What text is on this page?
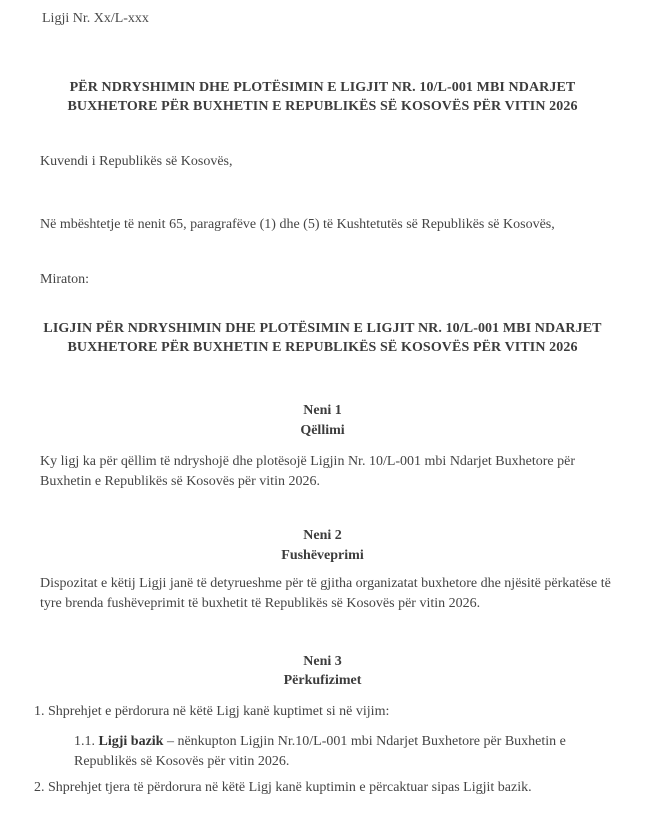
Ligji Nr. Xx/L-xxx
PËR NDRYSHIMIN DHE PLOTËSIMIN E LIGJIT NR. 10/L-001 MBI NDARJET BUXHETORE PËR BUXHETIN E REPUBLIKËS SË KOSOVËS PËR VITIN 2026
Kuvendi i Republikës së Kosovës,
Në mbështetje të nenit 65, paragrafëve (1) dhe (5) të Kushtetutës së Republikës së Kosovës,
Miraton:
LIGJIN PËR NDRYSHIMIN DHE PLOTËSIMIN E LIGJIT NR. 10/L-001 MBI NDARJET BUXHETORE PËR BUXHETIN E REPUBLIKËS SË KOSOVËS PËR VITIN 2026
Neni 1
Qëllimi
Ky ligj ka për qëllim të ndryshojë dhe plotësojë Ligjin Nr. 10/L-001 mbi Ndarjet Buxhetore për Buxhetin e Republikës së Kosovës për vitin 2026.
Neni 2
Fushëveprimi
Dispozitat e këtij Ligji janë të detyrueshme për të gjitha organizatat buxhetore dhe njësitë përkatëse të tyre brenda fushëveprimit të buxhetit të Republikës së Kosovës për vitin 2026.
Neni 3
Përkufizimet
1. Shprehjet e përdorura në këtë Ligj kanë kuptimet si në vijim:
1.1. Ligji bazik – nënkupton Ligjin Nr.10/L-001 mbi Ndarjet Buxhetore për Buxhetin e Republikës së Kosovës për vitin 2026.
2. Shprehjet tjera të përdorura në këtë Ligj kanë kuptimin e përcaktuar sipas Ligjit bazik.
